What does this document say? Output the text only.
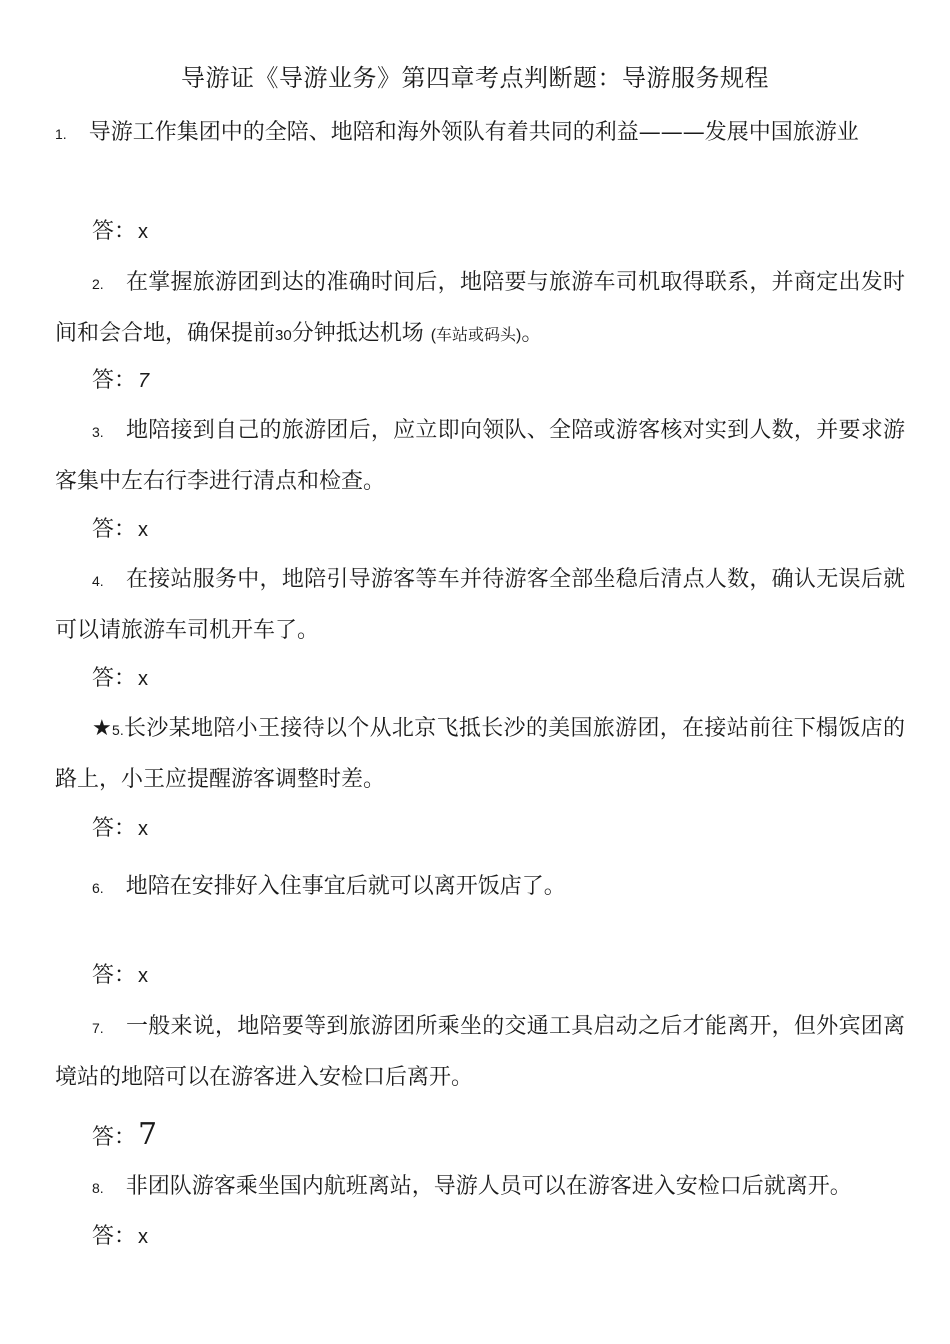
导游证《导游业务》第四章考点判断题：导游服务规程
1. 导游工作集团中的全陪、地陪和海外领队有着共同的利益———发展中国旅游业
答： x
2. 在掌握旅游团到达的准确时间后，地陪要与旅游车司机取得联系，并商定出发时间和会合地，确保提前30分钟抵达机场 (车站或码头)。
答： 7
3. 地陪接到自己的旅游团后，应立即向领队、全陪或游客核对实到人数，并要求游客集中左右行李进行清点和检查。
答： x
4. 在接站服务中，地陪引导游客等车并待游客全部坐稳后清点人数，确认无误后就可以请旅游车司机开车了。
答： x
★5.长沙某地陪小王接待以个从北京飞抵长沙的美国旅游团，在接站前往下榻饭店的路上，小王应提醒游客调整时差。
答： x
6. 地陪在安排好入住事宜后就可以离开饭店了。
答： x
7. 一般来说，地陪要等到旅游团所乘坐的交通工具启动之后才能离开，但外宾团离境站的地陪可以在游客进入安检口后离开。
答：7
8. 非团队游客乘坐国内航班离站，导游人员可以在游客进入安检口后就离开。
答： x
